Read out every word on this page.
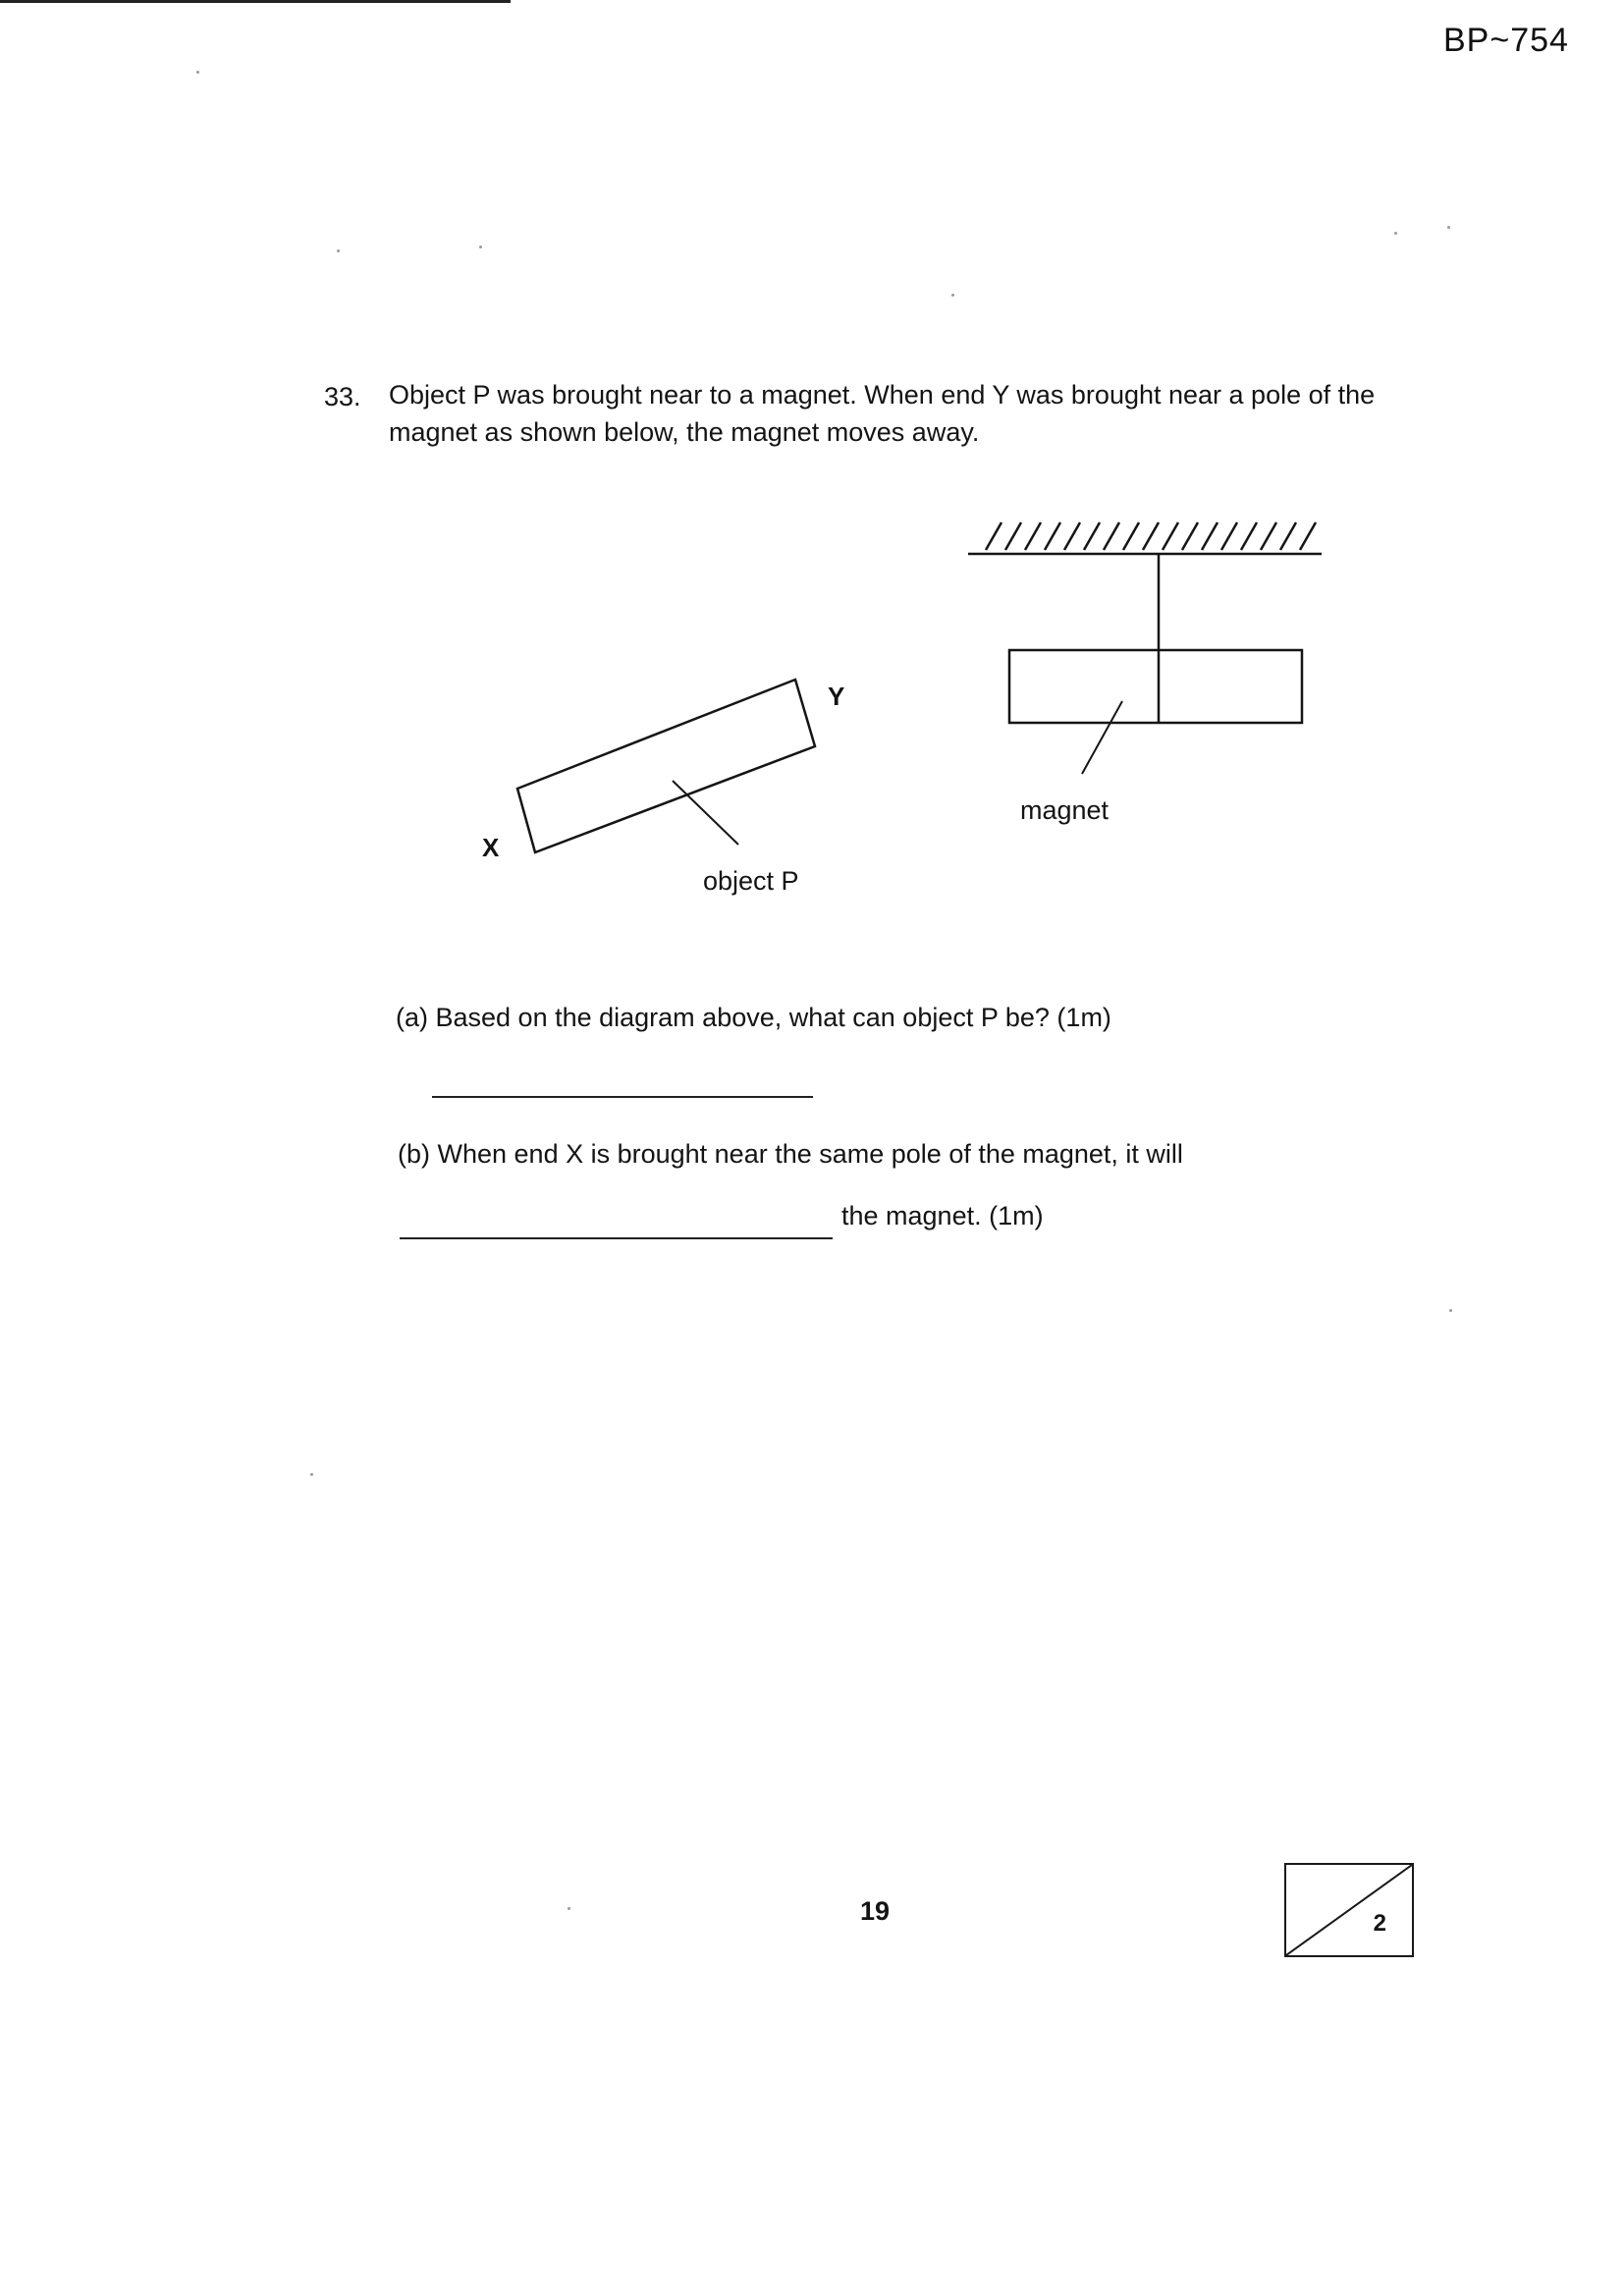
BP~754
33.	Object P was brought near to a magnet. When end Y was brought near a pole of the magnet as shown below, the magnet moves away.
magnet
Y
X
object P
(a) Based on the diagram above, what can object P be? (1m)
(b) When end X is brought near the same pole of the magnet, it will
the magnet. (1m)
19	2
